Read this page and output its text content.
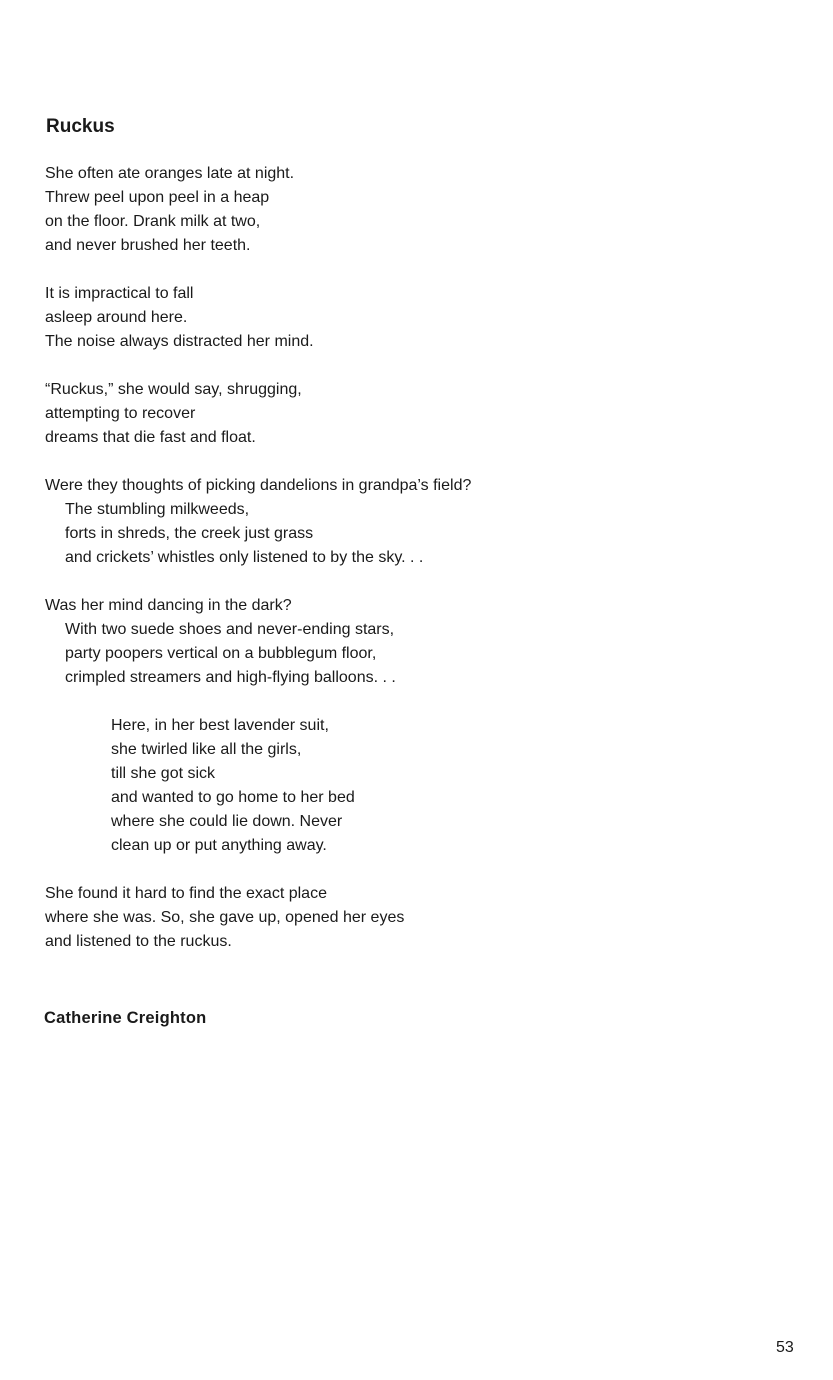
Ruckus
She often ate oranges late at night.
Threw peel upon peel in a heap
on the floor. Drank milk at two,
and never brushed her teeth.
It is impractical to fall
asleep around here.
The noise always distracted her mind.
“Ruckus,” she would say, shrugging,
attempting to recover
dreams that die fast and float.
Were they thoughts of picking dandelions in grandpa’s field?
The stumbling milkweeds,
forts in shreds, the creek just grass
and crickets’ whistles only listened to by the sky. . .
Was her mind dancing in the dark?
With two suede shoes and never-ending stars,
party poopers vertical on a bubblegum floor,
crimpled streamers and high-flying balloons. . .
Here, in her best lavender suit,
she twirled like all the girls,
till she got sick
and wanted to go home to her bed
where she could lie down. Never
clean up or put anything away.
She found it hard to find the exact place
where she was. So, she gave up, opened her eyes
and listened to the ruckus.
Catherine Creighton
53
